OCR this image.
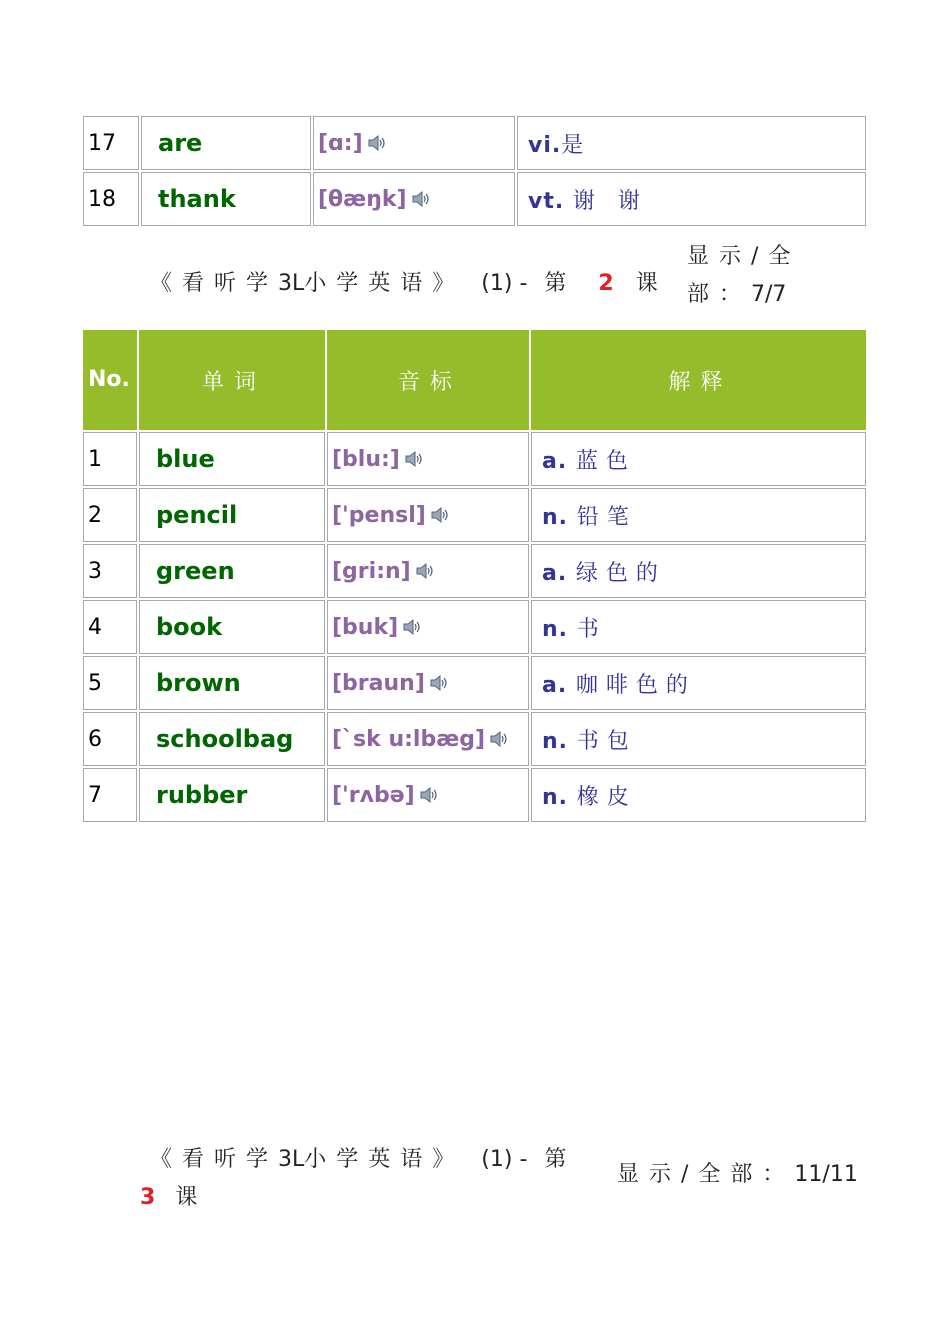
17	are	[ɑ:]	vi.是
18	thank	[θæŋk]	vt. 谢 谢
《看听学3L小学英语》 (1) - 第 2 课
显示/全部：7/7
No.	单词	音标	解释
1	blue	[blu:]	a. 蓝色
2	pencil	['pensl]	n. 铅笔
3	green	[gri:n]	a. 绿色的
4	book	[buk]	n. 书
5	brown	[braun]	a. 咖啡色的
6	schoolbag	[`sk u:lbæg]	n. 书包
7	rubber	['rʌbə]	n. 橡皮
《看听学3L小学英语》 (1) - 第
3 课
显示/全部：11/11
